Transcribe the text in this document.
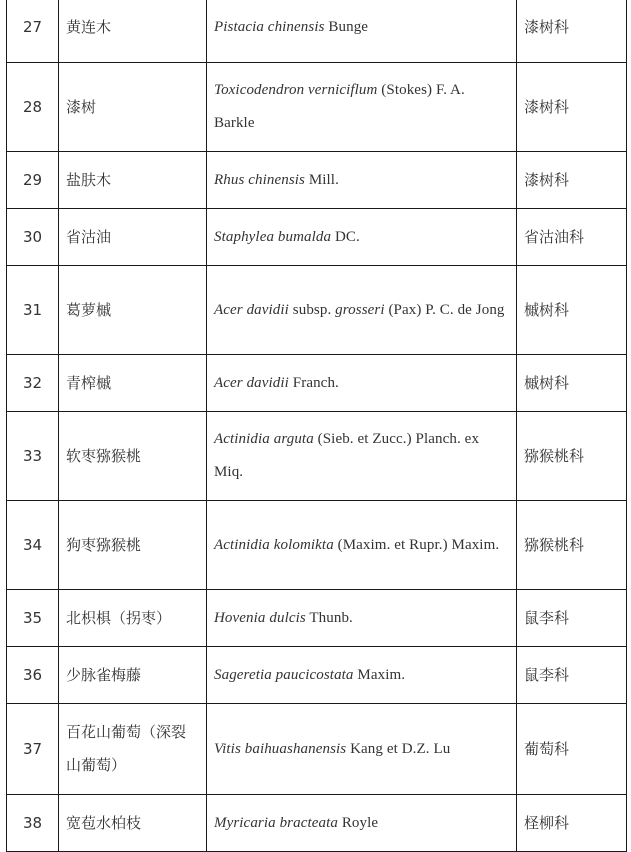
27	黄连木	Pistacia chinensis Bunge	漆树科
28	漆树	Toxicodendron verniciflum (Stokes) F. A. Barkle	漆树科
29	盐肤木	Rhus chinensis Mill.	漆树科
30	省沽油	Staphylea bumalda DC.	省沽油科
31	葛萝槭	Acer davidii subsp. grosseri (Pax) P. C. de Jong	槭树科
32	青榨槭	Acer davidii Franch.	槭树科
33	软枣猕猴桃	Actinidia arguta (Sieb. et Zucc.) Planch. ex Miq.	猕猴桃科
34	狗枣猕猴桃	Actinidia kolomikta (Maxim. et Rupr.) Maxim.	猕猴桃科
35	北枳椇（拐枣）	Hovenia dulcis Thunb.	鼠李科
36	少脉雀梅藤	Sageretia paucicostata Maxim.	鼠李科
37	百花山葡萄（深裂山葡萄）	Vitis baihuashanensis Kang et D.Z. Lu	葡萄科
38	宽苞水柏枝	Myricaria bracteata Royle	柽柳科
